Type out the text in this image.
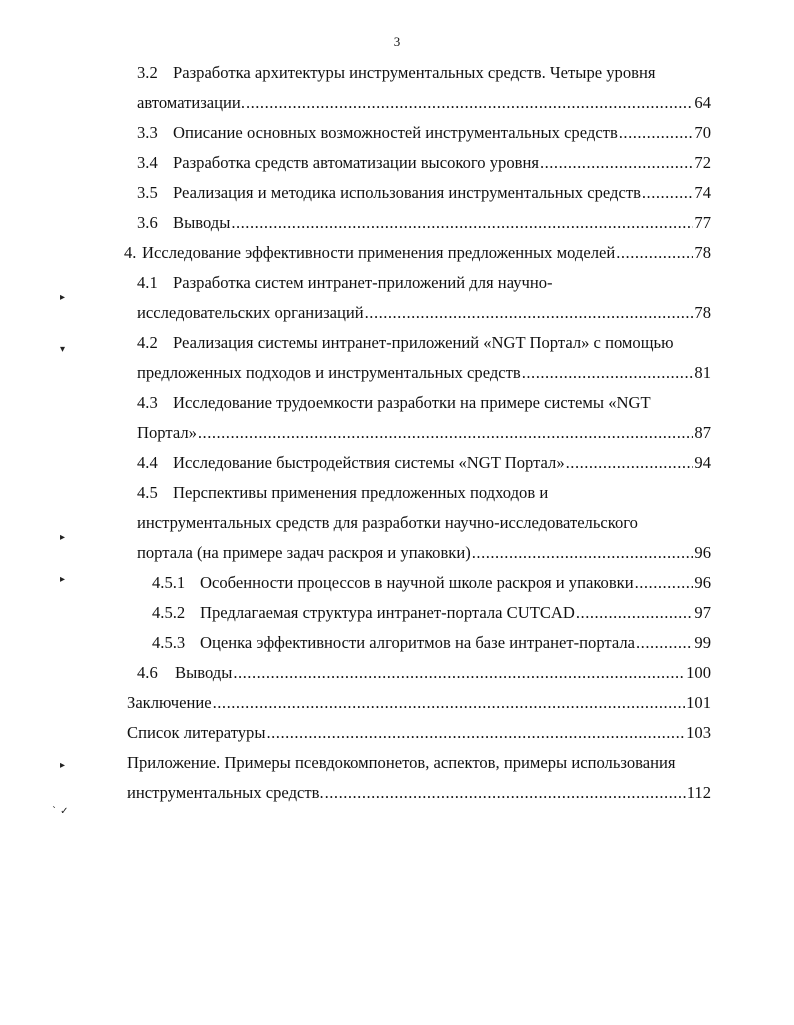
3
3.2 Разработка архитектуры инструментальных средств. Четыре уровня
автоматизации. .....	64
3.3 Описание основных возможностей инструментальных средств .....	70
3.4 Разработка средств автоматизации высокого уровня .....	72
3.5 Реализация и методика использования инструментальных средств .....	74
3.6 Выводы .....	77
4. Исследование эффективности применения предложенных моделей .....	78
4.1 Разработка систем интранет-приложений для научно-
исследовательских организаций .....	78
4.2 Реализация системы интранет-приложений «NGT Портал» с помощью
предложенных подходов и инструментальных средств .....	81
4.3 Исследование трудоемкости разработки на примере системы «NGT
Портал» .....	87
4.4 Исследование быстродействия системы «NGT Портал» .....	94
4.5 Перспективы применения предложенных подходов и
инструментальных средств для разработки научно-исследовательского
портала (на примере задач раскроя и упаковки) .....	96
4.5.1 Особенности процессов в научной школе раскроя и упаковки .....	96
4.5.2 Предлагаемая структура интранет-портала CUTCAD .....	97
4.5.3 Оценка эффективности алгоритмов на базе интранет-портала .....	99
4.6	Выводы .....	100
Заключение .....	101
Список литературы .....	103
Приложение. Примеры псевдокомпонетов, аспектов, примеры использования
инструментальных средств. .....	112
▸
▾
▸
▸
▸
` ✓
